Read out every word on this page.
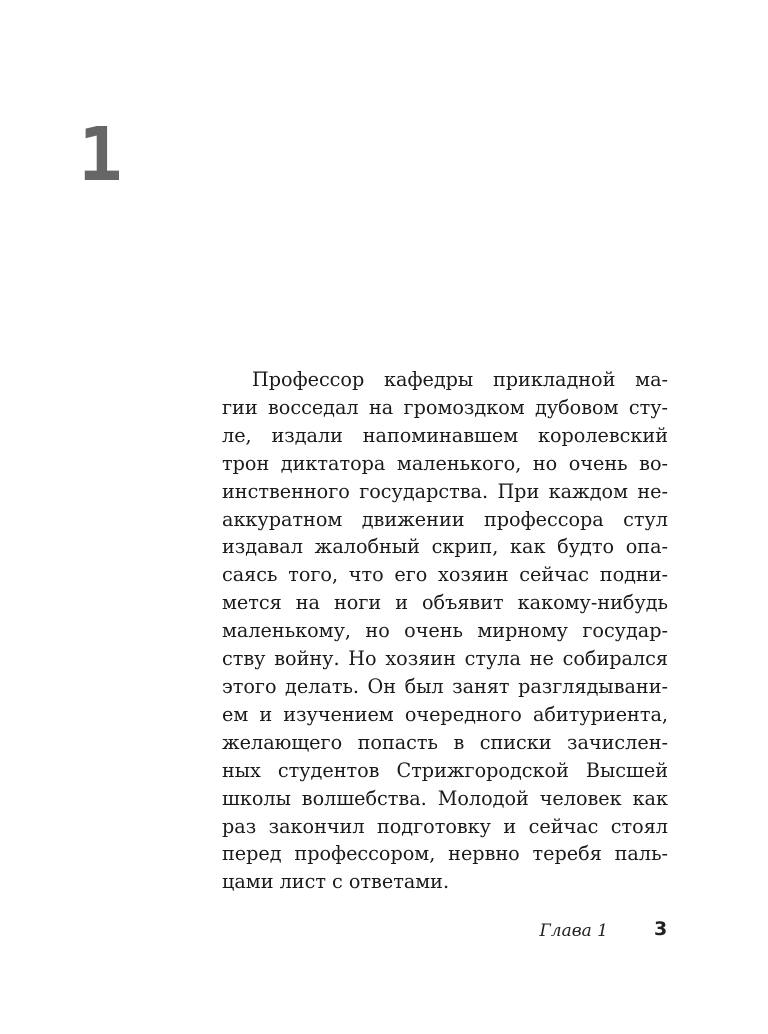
1
Профессор кафедры прикладной ма-
гии восседал на громоздком дубовом сту-
ле, издали напоминавшем королевский
трон диктатора маленького, но очень во-
инственного государства. При каждом не-
аккуратном движении профессора стул
издавал жалобный скрип, как будто опа-
саясь того, что его хозяин сейчас подни-
мется на ноги и объявит какому-нибудь
маленькому, но очень мирному государ-
ству войну. Но хозяин стула не собирался
этого делать. Он был занят разглядывани-
ем и изучением очередного абитуриента,
желающего попасть в списки зачислен-
ных студентов Стрижгородской Высшей
школы волшебства. Молодой человек как
раз закончил подготовку и сейчас стоял
перед профессором, нервно теребя паль-
цами лист с ответами.
Глава 1 3
